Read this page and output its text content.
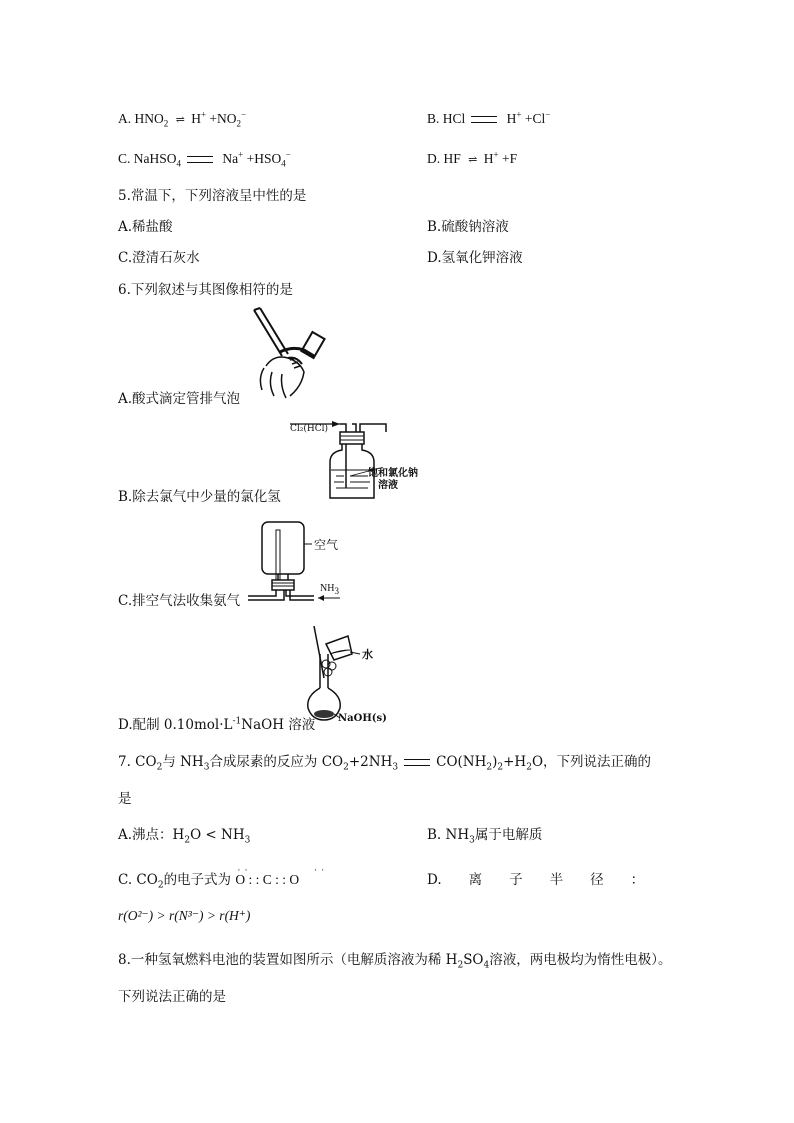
A. $HNO_2$ ⇌ $H^+ +NO_2^-$	B. HCl	H+ +Cl−
C. NaHSO$_4$	$Na^+ +HSO_4^-$	D. HF ⇌ H+ +F
5.常温下，下列溶液呈中性的是
A.稀盐酸	B.硫酸钠溶液
C.澄清石灰水	D.氢氧化钾溶液
6.下列叙述与其图像相符的是
A.酸式滴定管排气泡
Cl₂(HCl)
饱和氯化钠
溶液
B.除去氯气中少量的氯化氢
空气
$NH_3$
C.排空气法收集氨气
水
NaOH(s)
D.配制 $0.10mol\cdot L^{-1}NaOH$ 溶液
7. $CO_2$与 $NH_3$合成尿素的反应为 $CO_2+2NH_3$	$CO(NH_2)_2+H_2O$，下列说法正确的
是
A.沸点：$H_2O < NH_3$	B. $NH_3$属于电解质
C. $CO_2$的电子式为
⋅⋅          ⋅⋅
O : : C : : O	D.　　离　　子　　半　　径　　：
r(O²⁻) > r(N³⁻) > r(H⁺)
8.一种氢氧燃料电池的装置如图所示（电解质溶液为稀 $H_2SO_4$溶液，两电极均为惰性电极）。
下列说法正确的是
